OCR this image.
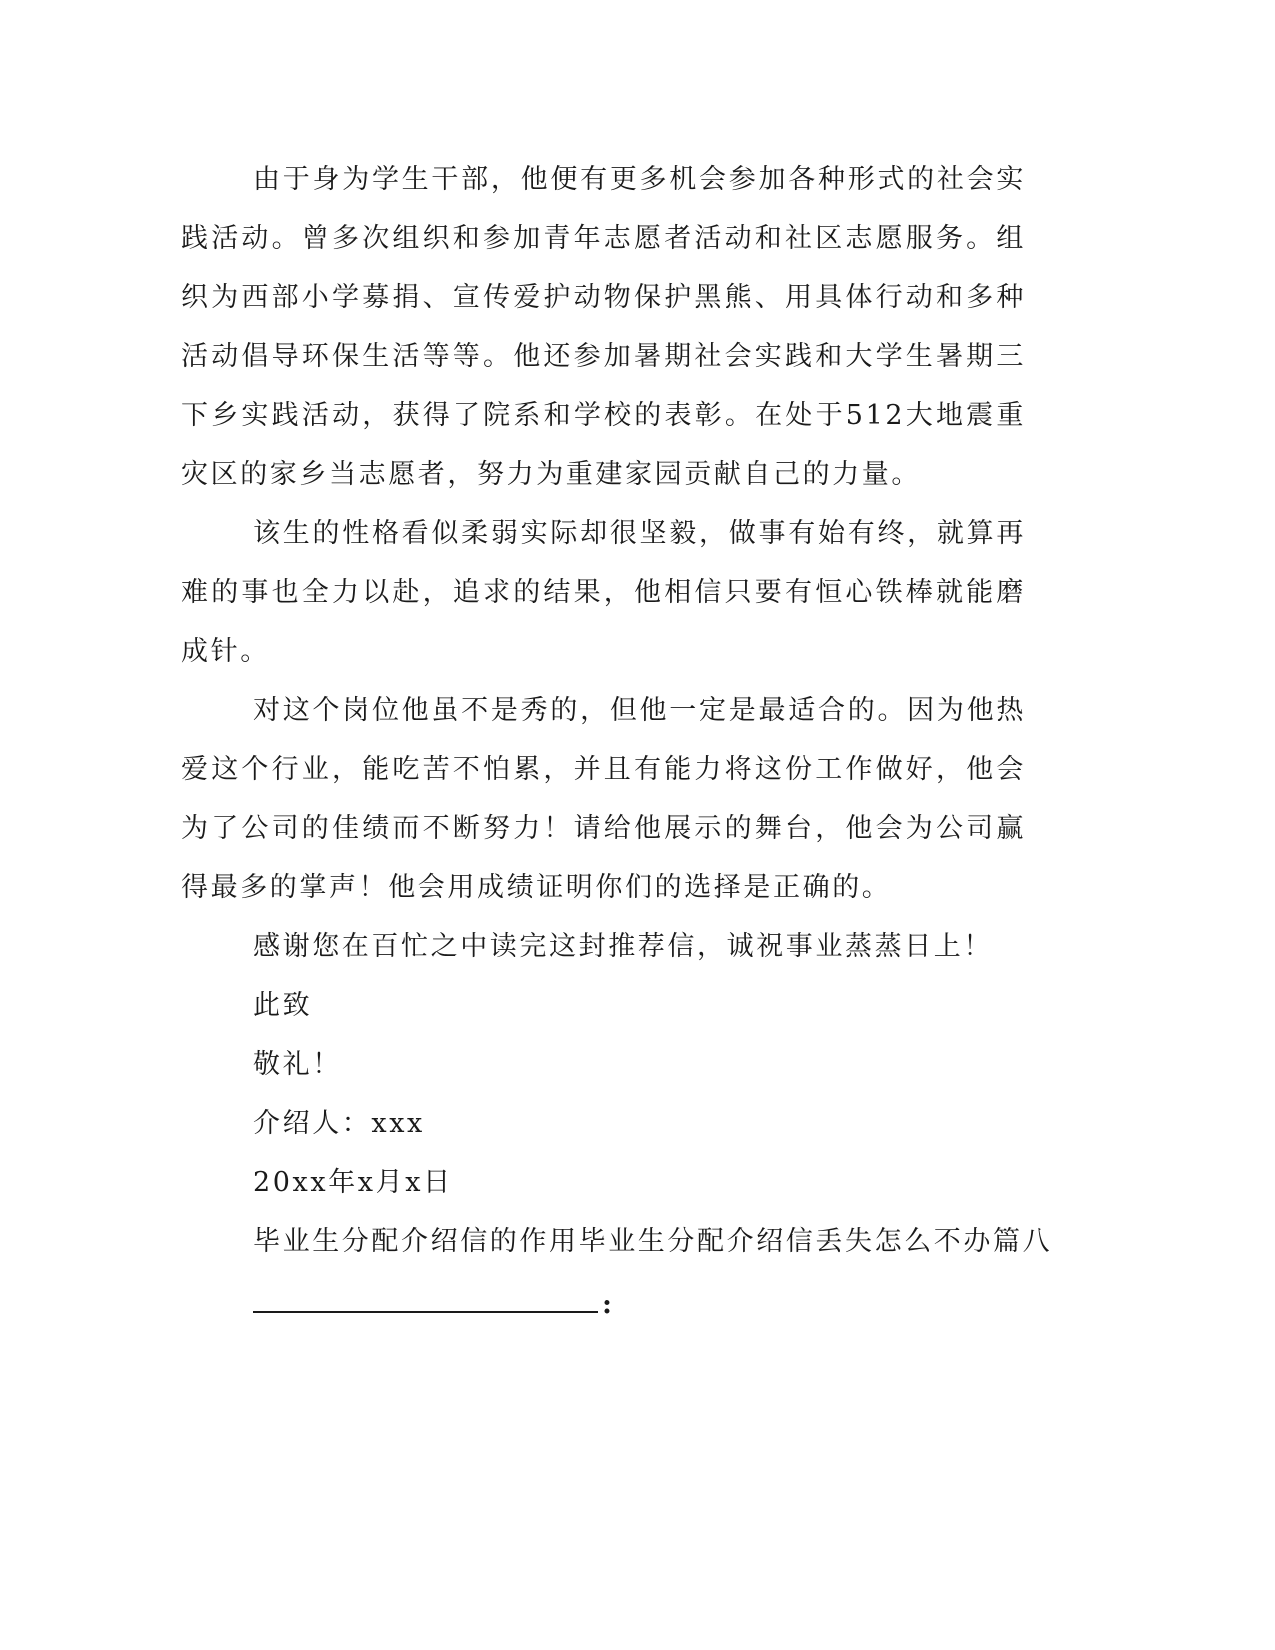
由于身为学生干部，他便有更多机会参加各种形式的社会实践活动。曾多次组织和参加青年志愿者活动和社区志愿服务。组织为西部小学募捐、宣传爱护动物保护黑熊、用具体行动和多种活动倡导环保生活等等。他还参加暑期社会实践和大学生暑期三下乡实践活动，获得了院系和学校的表彰。在处于512大地震重灾区的家乡当志愿者，努力为重建家园贡献自己的力量。

该生的性格看似柔弱实际却很坚毅，做事有始有终，就算再难的事也全力以赴，追求的结果，他相信只要有恒心铁棒就能磨成针。

对这个岗位他虽不是秀的，但他一定是最适合的。因为他热爱这个行业，能吃苦不怕累，并且有能力将这份工作做好，他会为了公司的佳绩而不断努力！请给他展示的舞台，他会为公司赢得最多的掌声！他会用成绩证明你们的选择是正确的。

感谢您在百忙之中读完这封推荐信，诚祝事业蒸蒸日上！

此致

敬礼！

介绍人：xxx

20xx年x月x日

毕业生分配介绍信的作用毕业生分配介绍信丢失怎么不办篇八

:
